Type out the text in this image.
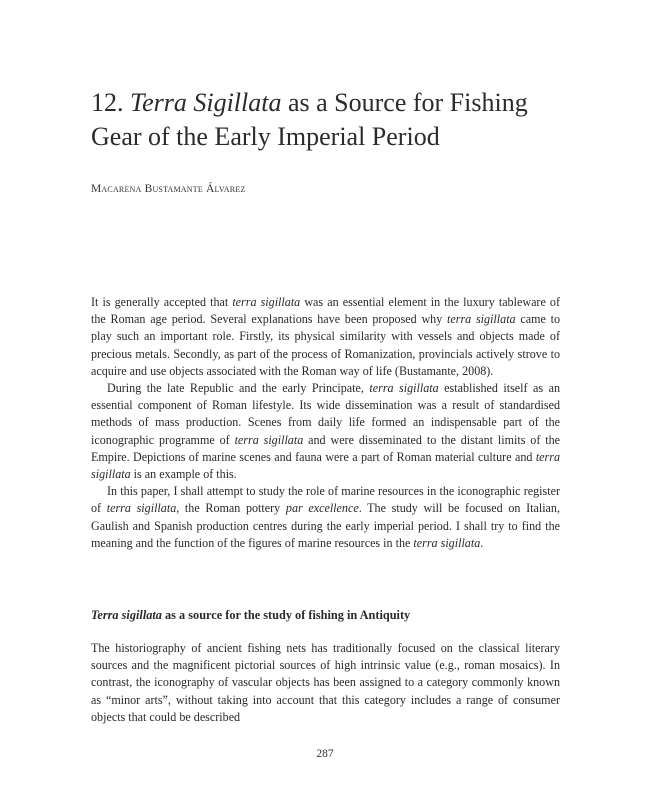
12. Terra Sigillata as a Source for Fishing Gear of the Early Imperial Period

Macarena Bustamante Álvarez

It is generally accepted that terra sigillata was an essential element in the luxury tableware of the Roman age period. Several explanations have been proposed why terra sigillata came to play such an important role. Firstly, its physical similarity with vessels and objects made of precious metals. Secondly, as part of the process of Romanization, provincials actively strove to acquire and use objects associated with the Roman way of life (Bustamante, 2008).

During the late Republic and the early Principate, terra sigillata established itself as an essential component of Roman lifestyle. Its wide dissemination was a result of standardised methods of mass production. Scenes from daily life formed an indispensable part of the iconographic programme of terra sigillata and were disseminated to the distant limits of the Empire. Depictions of marine scenes and fauna were a part of Roman material culture and terra sigillata is an example of this.

In this paper, I shall attempt to study the role of marine resources in the iconographic register of terra sigillata, the Roman pottery par excellence. The study will be focused on Italian, Gaulish and Spanish production centres during the early imperial period. I shall try to find the meaning and the function of the figures of marine resources in the terra sigillata.

Terra sigillata as a source for the study of fishing in Antiquity

The historiography of ancient fishing nets has traditionally focused on the classical literary sources and the magnificent pictorial sources of high intrinsic value (e.g., roman mosaics). In contrast, the iconography of vascular objects has been assigned to a category commonly known as “minor arts”, without taking into account that this category includes a range of consumer objects that could be described

287
